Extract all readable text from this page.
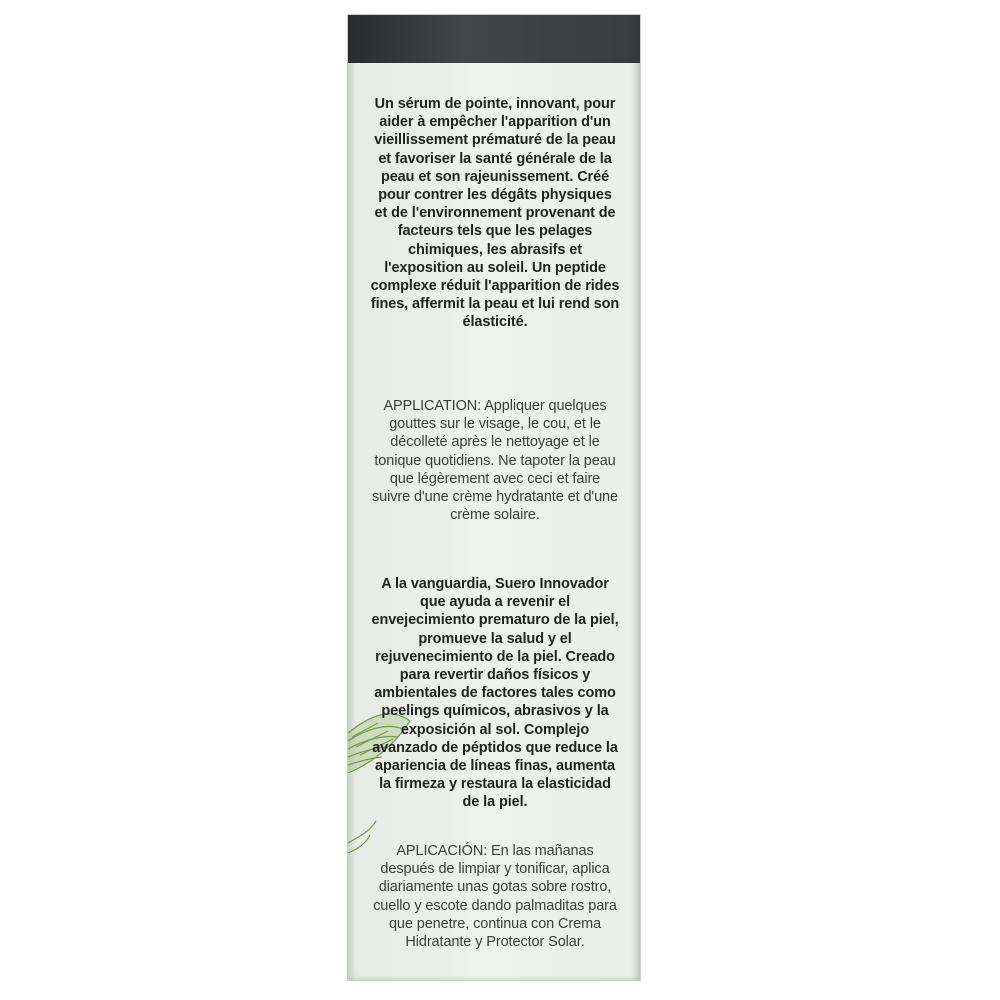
Un sérum de pointe, innovant, pour aider à empêcher l'apparition d'un vieillissement prématuré de la peau et favoriser la santé générale de la peau et son rajeunissement. Créé pour contrer les dégâts physiques et de l'environnement provenant de facteurs tels que les pelages chimiques, les abrasifs et l'exposition au soleil. Un peptide complexe réduit l'apparition de rides fines, affermit la peau et lui rend son élasticité.
APPLICATION: Appliquer quelques gouttes sur le visage, le cou, et le décolleté après le nettoyage et le tonique quotidiens. Ne tapoter la peau que légèrement avec ceci et faire suivre d'une crème hydratante et d'une crème solaire.
A la vanguardia, Suero Innovador que ayuda a revenir el envejecimiento prematuro de la piel, promueve la salud y el rejuvenecimiento de la piel. Creado para revertir daños físicos y ambientales de factores tales como peelings químicos, abrasivos y la exposición al sol. Complejo avanzado de péptidos que reduce la apariencia de líneas finas, aumenta la firmeza y restaura la elasticidad de la piel.
APLICACIÓN: En las mañanas después de limpiar y tonificar, aplica diariamente unas gotas sobre rostro, cuello y escote dando palmaditas para que penetre, continua con Crema Hidratante y Protector Solar.
